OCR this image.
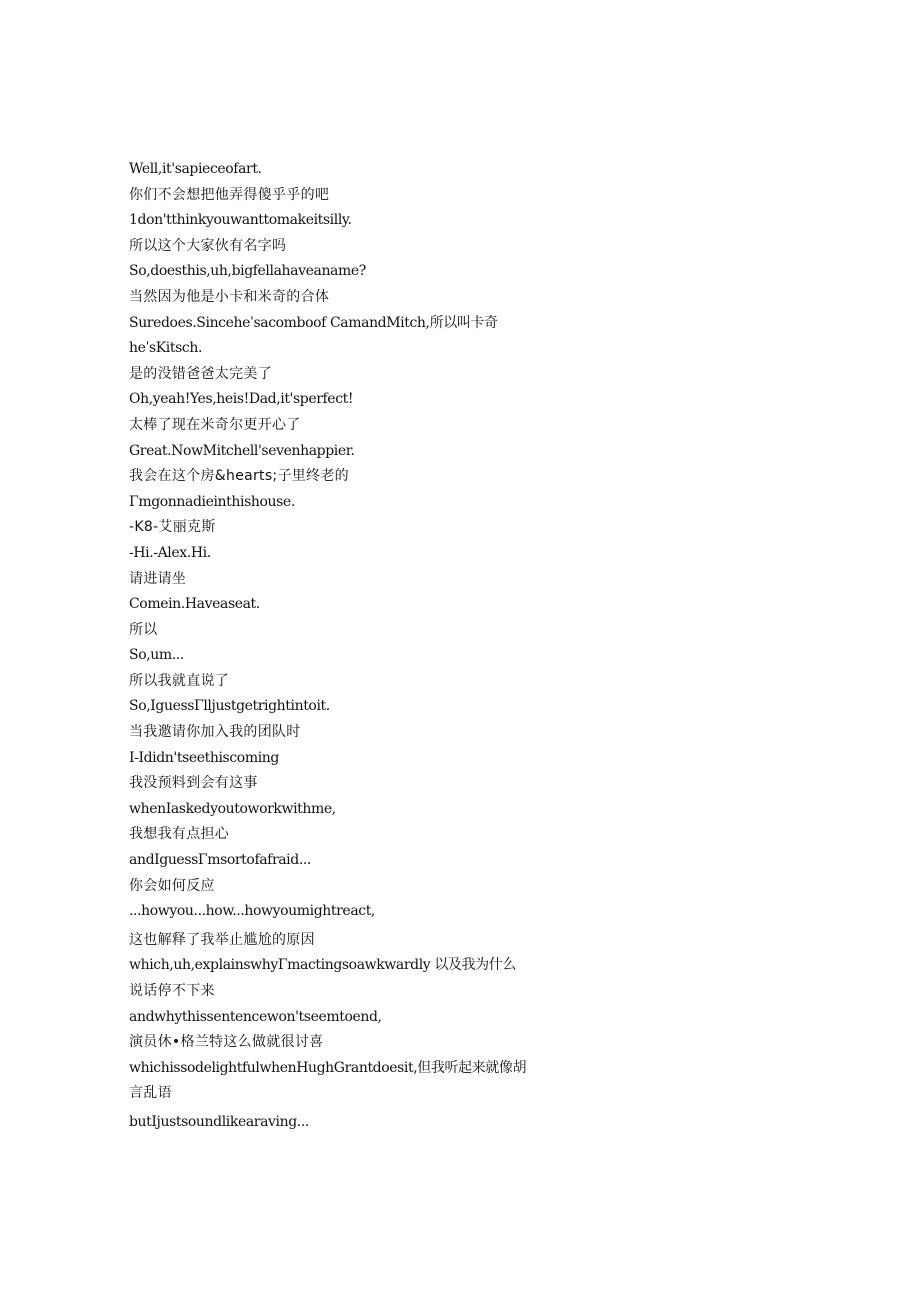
Well,it'sapieceofart.
你们不会想把他弄得傻乎乎的吧
1don'tthinkyouwanttomakeitsilly.
所以这个大家伙有名字吗
So,doesthis,uh,bigfellahaveaname?
当然因为他是小卡和米奇的合体
Suredoes.Sinceheˈsacomboof CamandMitch,所以叫卡奇
heˈsKitsch.
是的没错爸爸太完美了
Oh,yeah!Yes,heis!Dad,it'sperfect!
太棒了现在米奇尔更开心了
Great.NowMitchell'sevenhappier.
我会在这个房&hearts;子里终老的
Γmgonnadieinthishouse.
-K8-艾丽克斯
-Hi.-Alex.Hi.
请进请坐
Comein.Haveaseat.
所以
So,um...
所以我就直说了
So,IguessΓlljustgetrightintoit.
当我邀请你加入我的团队时
I-Ididn'tseethiscoming
我没预料到会有这事
whenIaskedyoutoworkwithme,
我想我有点担心
andIguessΓmsortofafraid...
你会如何反应
...howyou...how...howyoumightreact,
这也解释了我举止尴尬的原因
which,uh,explainswhyΓmactingsoawkwardly 以及我为什么
说话停不下来
andwhythissentencewon'tseemtoend,
演员休•格兰特这么做就很讨喜
whichissodelightfulwhenHughGrantdoesit,但我听起来就像胡
言乱语
butIjustsoundlikearaving...
